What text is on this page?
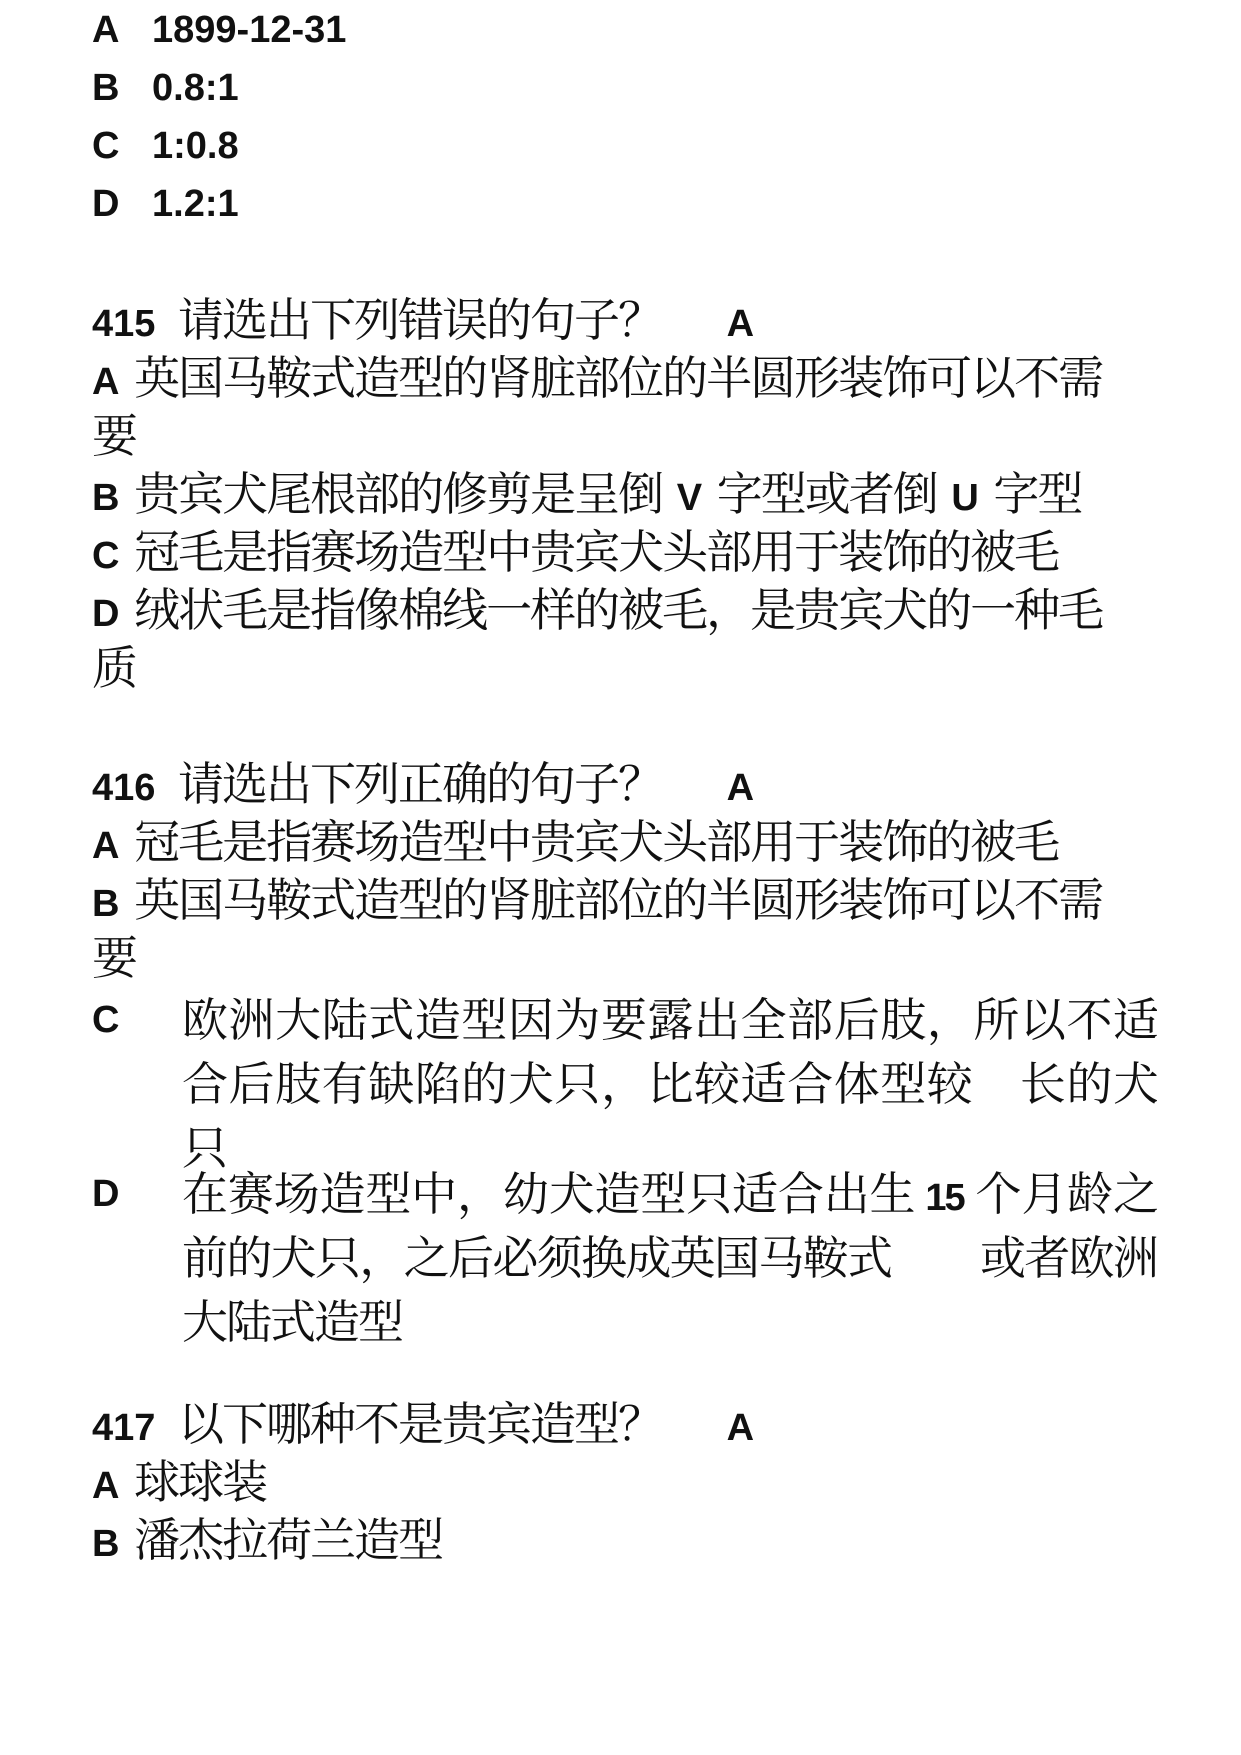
A 1899-12-31
B 0.8:1
C 1:0.8
D 1.2:1
415 请选出下列错误的句子？ A
A 英国马鞍式造型的肾脏部位的半圆形装饰可以不需
要
B 贵宾犬尾根部的修剪是呈倒 V 字型或者倒 U 字型
C 冠毛是指赛场造型中贵宾犬头部用于装饰的被毛
D 绒状毛是指像棉线一样的被毛，是贵宾犬的一种毛
质
416 请选出下列正确的句子？ A
A 冠毛是指赛场造型中贵宾犬头部用于装饰的被毛
B 英国马鞍式造型的肾脏部位的半圆形装饰可以不需
要
C 欧洲大陆式造型因为要露出全部后肢，所以不适
合后肢有缺陷的犬只，比较适合体型较　长的犬
只
D 在赛场造型中，幼犬造型只适合出生 15 个月龄之
前的犬只，之后必须换成英国马鞍式　　或者欧洲
大陆式造型
417 以下哪种不是贵宾造型？ A
A 球球装
B 潘杰拉荷兰造型
